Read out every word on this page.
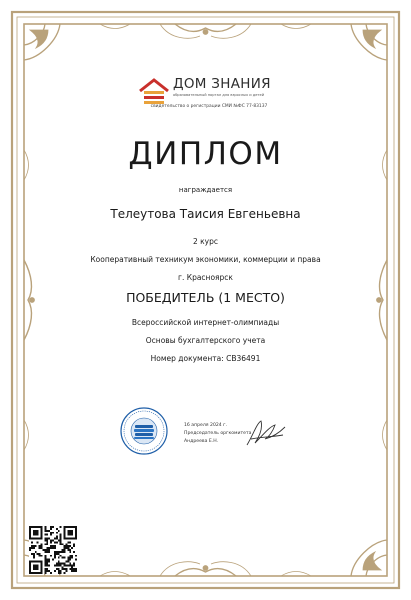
ДОМ ЗНАНИЯ
образовательный портал для взрослых и детей
свидетельство о регистрации СМИ №ФС 77-83137
ДИПЛОМ
награждается
Телеутова Таисия Евгеньевна
2 курс
Кооперативный техникум экономики, коммерции и права
г. Красноярск
ПОБЕДИТЕЛЬ (1 МЕСТО)
Всероссийской интернет-олимпиады
Основы бухгалтерского учета
Номер документа: СВ36491
16 апреля 2024 г.
Председатель оргкомитета
Андреева Е.Н.
